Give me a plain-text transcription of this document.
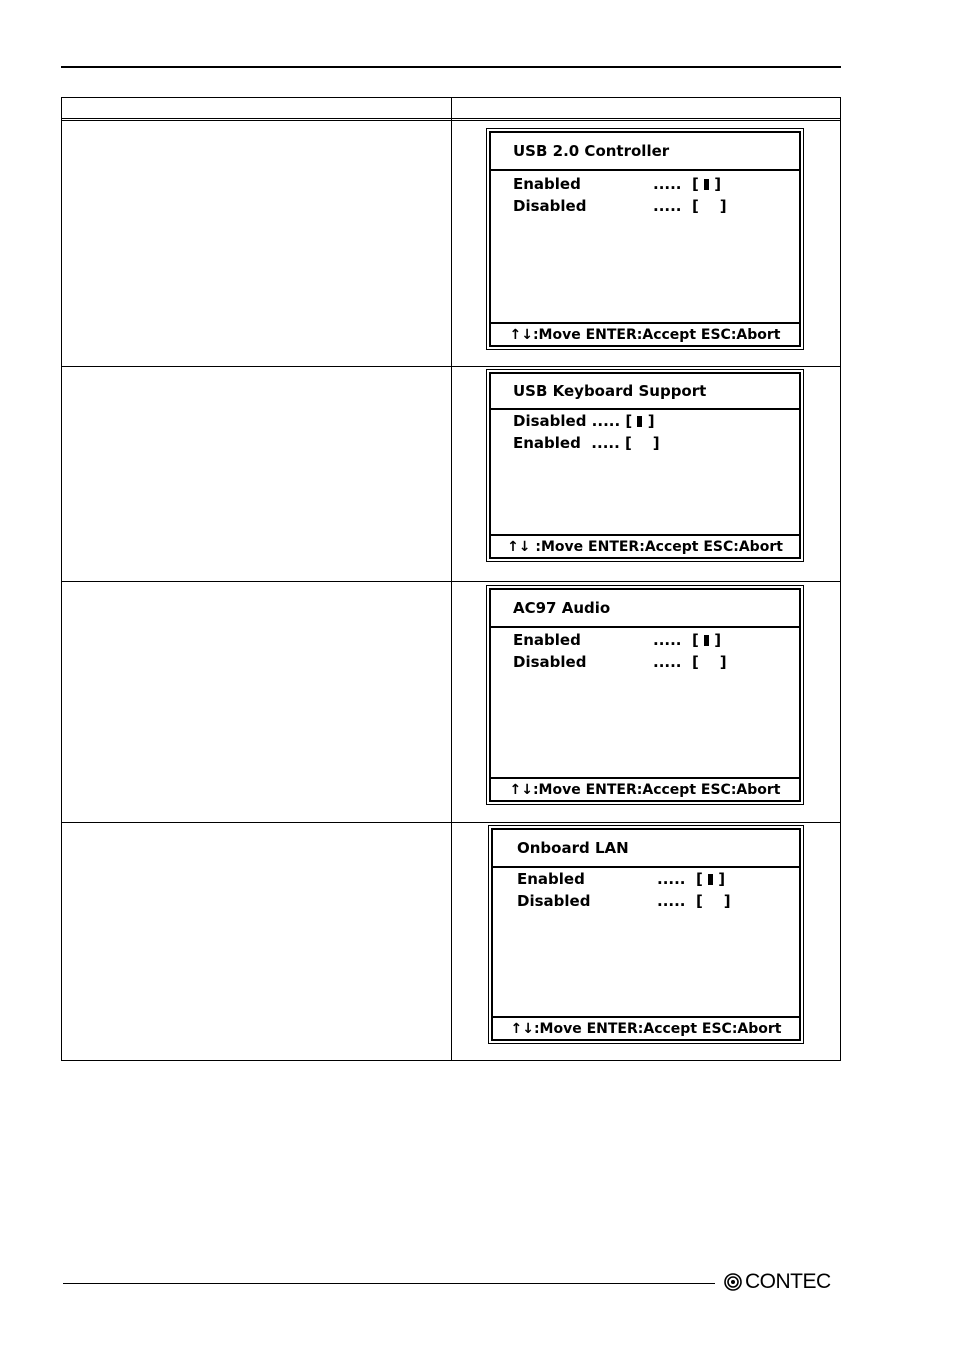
USB 2.0 Controller
Enabled	.....  [  ]
Disabled	.....  [    ]
↑↓:Move ENTER:Accept ESC:Abort
USB Keyboard Support
Disabled ..... [  ]
Enabled ..... [    ]
↑↓ :Move ENTER:Accept ESC:Abort
AC97 Audio
Enabled	.....  [  ]
Disabled	.....  [    ]
↑↓:Move ENTER:Accept ESC:Abort
Onboard LAN
Enabled	.....  [  ]
Disabled	.....  [    ]
↑↓:Move ENTER:Accept ESC:Abort
CONTEC
